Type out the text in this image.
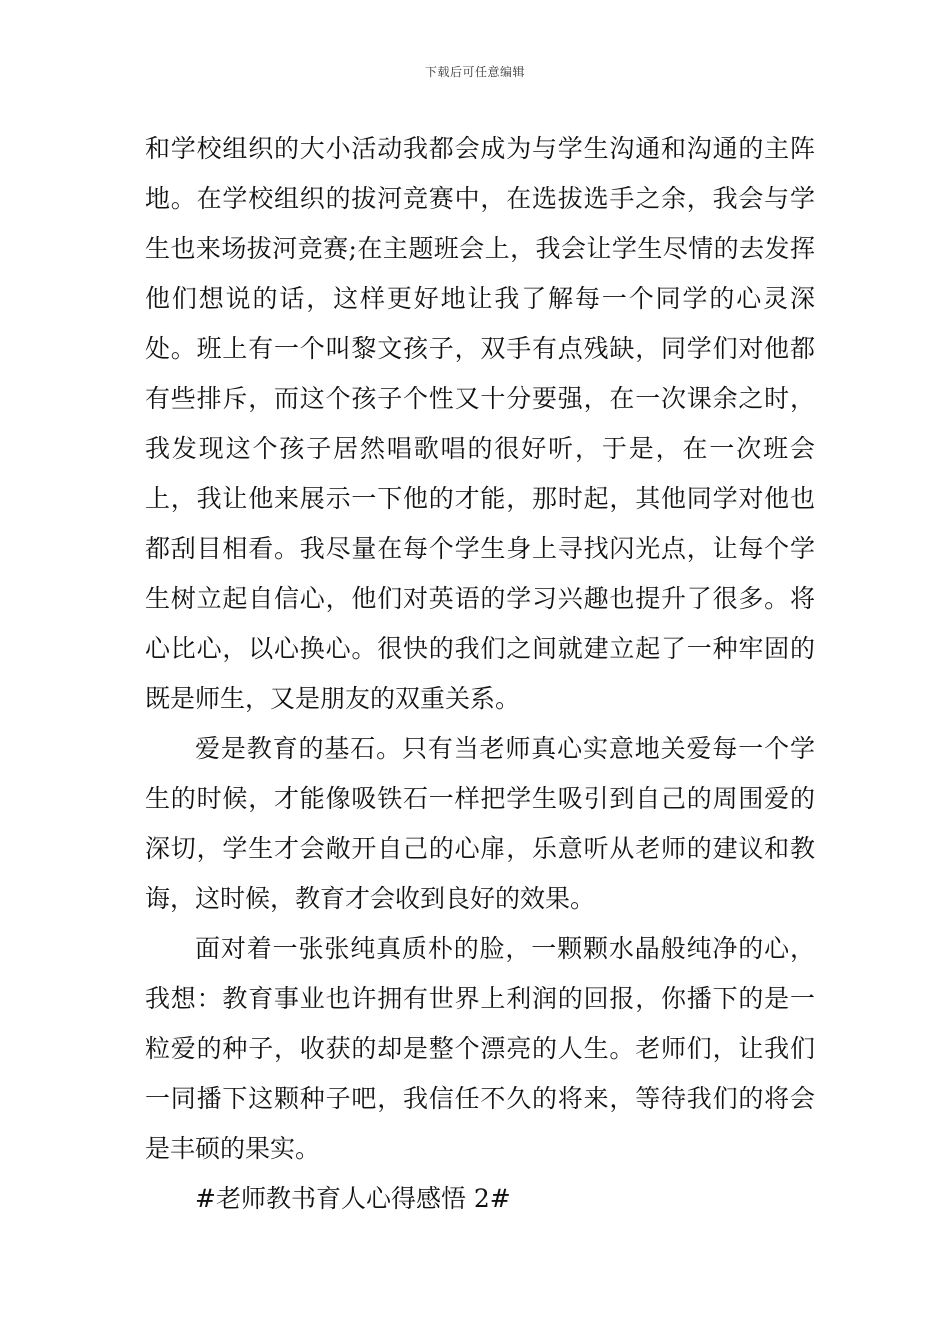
下载后可任意编辑

和学校组织的大小活动我都会成为与学生沟通和沟通的主阵地。在学校组织的拔河竞赛中，在选拔选手之余，我会与学生也来场拔河竞赛;在主题班会上，我会让学生尽情的去发挥他们想说的话，这样更好地让我了解每一个同学的心灵深处。班上有一个叫黎文孩子，双手有点残缺，同学们对他都有些排斥，而这个孩子个性又十分要强，在一次课余之时，我发现这个孩子居然唱歌唱的很好听，于是，在一次班会上，我让他来展示一下他的才能，那时起，其他同学对他也都刮目相看。我尽量在每个学生身上寻找闪光点，让每个学生树立起自信心，他们对英语的学习兴趣也提升了很多。将心比心，以心换心。很快的我们之间就建立起了一种牢固的既是师生，又是朋友的双重关系。

爱是教育的基石。只有当老师真心实意地关爱每一个学生的时候，才能像吸铁石一样把学生吸引到自己的周围爱的深切，学生才会敞开自己的心扉，乐意听从老师的建议和教诲，这时候，教育才会收到良好的效果。

面对着一张张纯真质朴的脸，一颗颗水晶般纯净的心，我想：教育事业也许拥有世界上利润的回报，你播下的是一粒爱的种子，收获的却是整个漂亮的人生。老师们，让我们一同播下这颗种子吧，我信任不久的将来，等待我们的将会是丰硕的果实。

#老师教书育人心得感悟 2#
